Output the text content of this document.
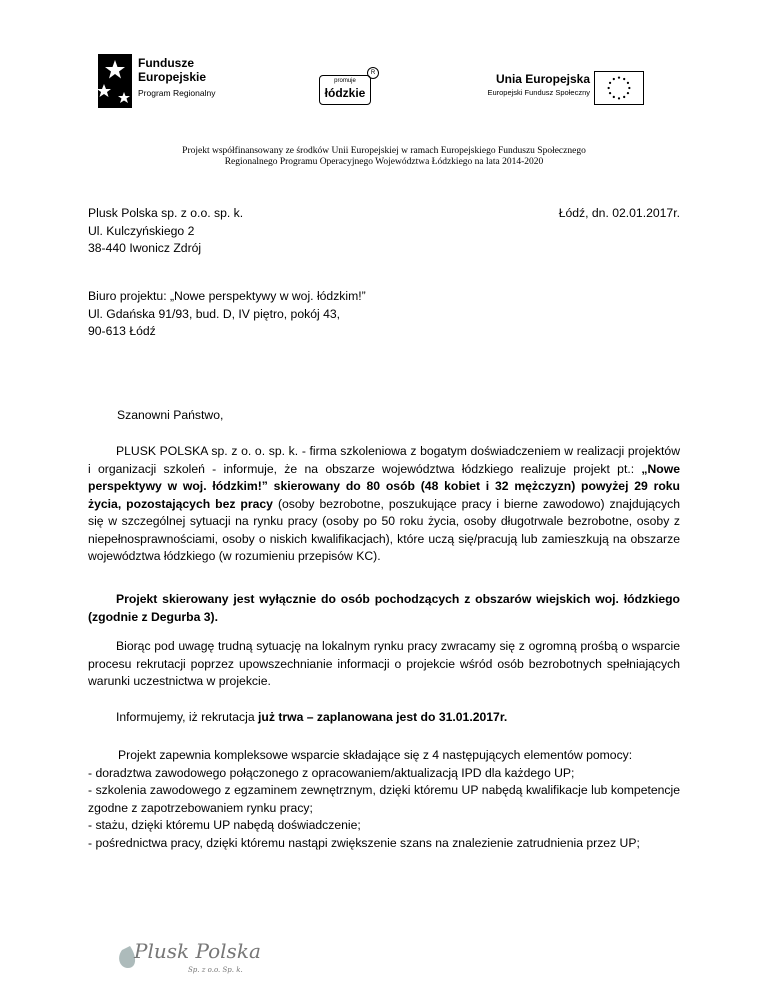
Fundusze
Europejskie
Program Regionalny
promuje
łódzkie
R	Unia Europejska
Europejski Fundusz Społeczny
Projekt współfinansowany ze środków Unii Europejskiej w ramach Europejskiego Funduszu Społecznego
Regionalnego Programu Operacyjnego Województwa Łódzkiego na lata 2014-2020
Plusk Polska sp. z o.o. sp. k.
Ul. Kulczyńskiego 2
38-440 Iwonicz Zdrój
Łódź, dn. 02.01.2017r.
Biuro projektu: „Nowe perspektywy w woj. łódzkim!”
Ul. Gdańska 91/93, bud. D, IV piętro, pokój 43,
90-613 Łódź
Szanowni Państwo,
PLUSK POLSKA sp. z o. o. sp. k. - firma szkoleniowa z bogatym doświadczeniem w realizacji projektów i organizacji szkoleń - informuje, że na obszarze województwa łódzkiego realizuje projekt pt.: „Nowe perspektywy w woj. łódzkim!” skierowany do 80 osób (48 kobiet i 32 mężczyzn) powyżej 29 roku życia, pozostających bez pracy (osoby bezrobotne, poszukujące pracy i bierne zawodowo) znajdujących się w szczególnej sytuacji na rynku pracy (osoby po 50 roku życia, osoby długotrwale bezrobotne, osoby z niepełnosprawnościami, osoby o niskich kwalifikacjach), które uczą się/pracują lub zamieszkują na obszarze województwa łódzkiego (w rozumieniu przepisów KC).
Projekt skierowany jest wyłącznie do osób pochodzących z obszarów wiejskich woj. łódzkiego (zgodnie z Degurba 3).
Biorąc pod uwagę trudną sytuację na lokalnym rynku pracy zwracamy się z ogromną prośbą o wsparcie procesu rekrutacji poprzez upowszechnianie informacji o projekcie wśród osób bezrobotnych spełniających warunki uczestnictwa w projekcie.
Informujemy, iż rekrutacja już trwa – zaplanowana jest do 31.01.2017r.
Projekt zapewnia kompleksowe wsparcie składające się z 4 następujących elementów pomocy:
- doradztwa zawodowego połączonego z opracowaniem/aktualizacją IPD dla każdego UP;
- szkolenia zawodowego z egzaminem zewnętrznym, dzięki któremu UP nabędą kwalifikacje lub kompetencje zgodne z zapotrzebowaniem rynku pracy;
- stażu, dzięki któremu UP nabędą doświadczenie;
- pośrednictwa pracy, dzięki któremu nastąpi zwiększenie szans na znalezienie zatrudnienia przez UP;
Plusk Polska
Sp. z o.o. Sp. k.
